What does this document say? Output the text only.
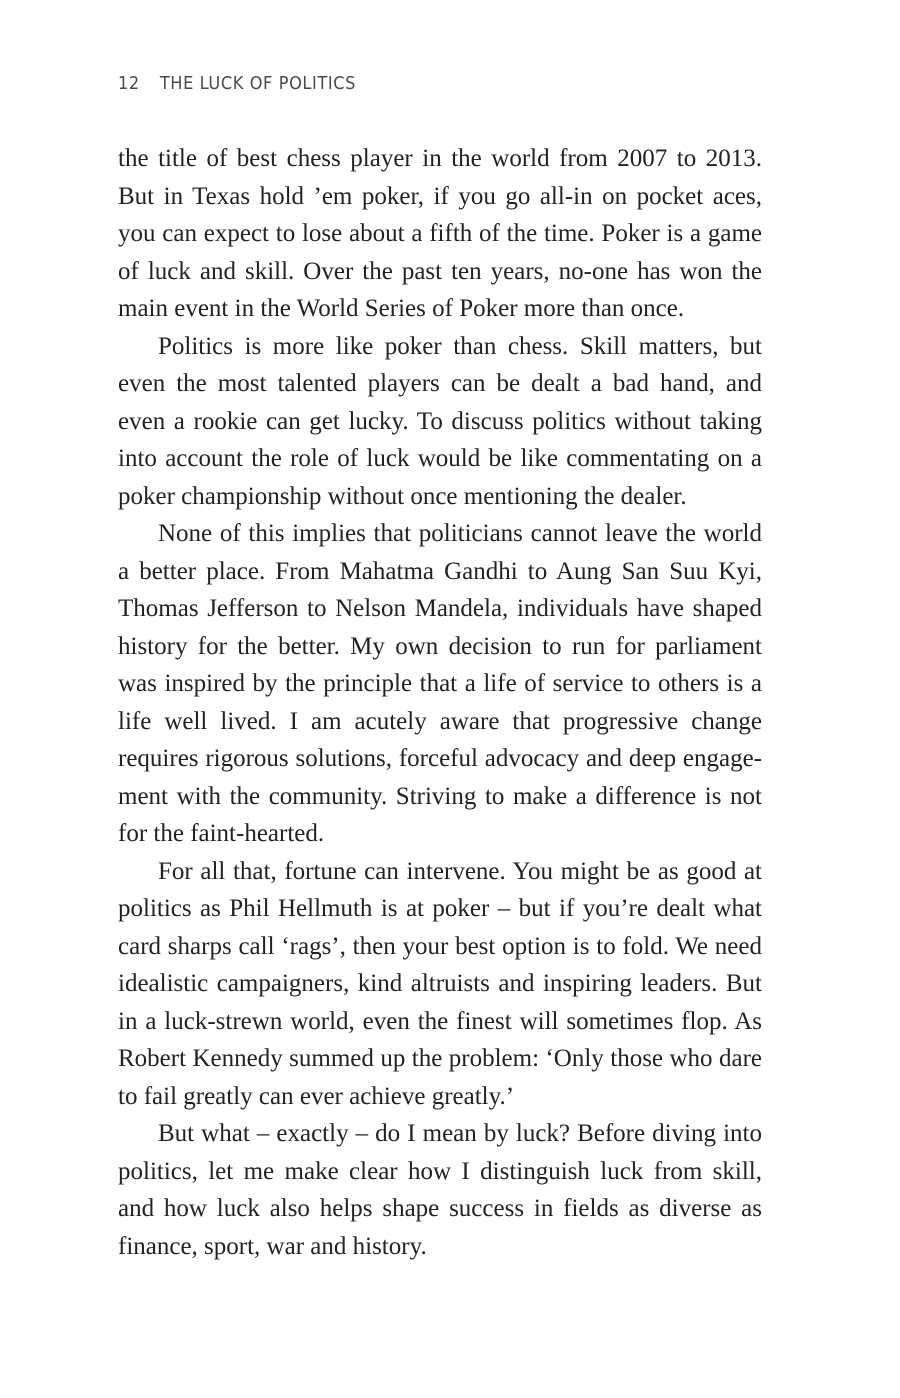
12 THE LUCK OF POLITICS

the title of best chess player in the world from 2007 to 2013. But in Texas hold ’em poker, if you go all-in on pocket aces, you can expect to lose about a fifth of the time. Poker is a game of luck and skill. Over the past ten years, no-one has won the main event in the World Series of Poker more than once.

Politics is more like poker than chess. Skill matters, but even the most talented players can be dealt a bad hand, and even a rookie can get lucky. To discuss politics without taking into account the role of luck would be like commentating on a poker championship without once mentioning the dealer.

None of this implies that politicians cannot leave the world a better place. From Mahatma Gandhi to Aung San Suu Kyi, Thomas Jefferson to Nelson Mandela, individuals have shaped history for the better. My own decision to run for parliament was inspired by the principle that a life of service to others is a life well lived. I am acutely aware that progressive change requires rigorous solutions, forceful advocacy and deep engagement with the community. Striving to make a difference is not for the faint-hearted.

For all that, fortune can intervene. You might be as good at politics as Phil Hellmuth is at poker – but if you’re dealt what card sharps call ‘rags’, then your best option is to fold. We need idealistic campaigners, kind altruists and inspiring leaders. But in a luck-strewn world, even the finest will sometimes flop. As Robert Kennedy summed up the problem: ‘Only those who dare to fail greatly can ever achieve greatly.’

But what – exactly – do I mean by luck? Before diving into politics, let me make clear how I distinguish luck from skill, and how luck also helps shape success in fields as diverse as finance, sport, war and history.
